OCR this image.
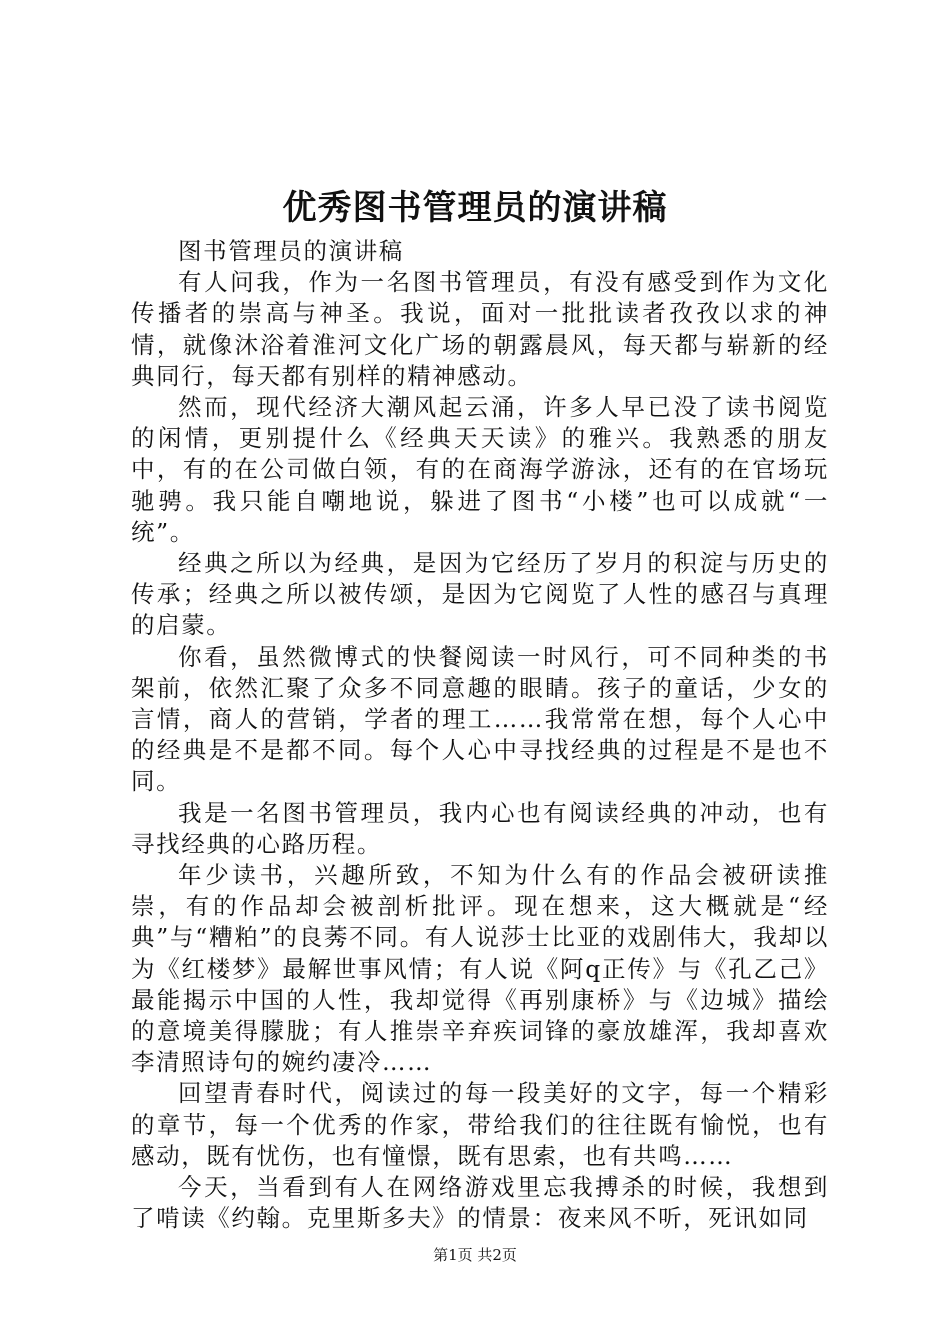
优秀图书管理员的演讲稿

图书管理员的演讲稿

有人问我，作为一名图书管理员，有没有感受到作为文化传播者的崇高与神圣。我说，面对一批批读者孜孜以求的神情，就像沐浴着淮河文化广场的朝露晨风，每天都与崭新的经典同行，每天都有别样的精神感动。

然而，现代经济大潮风起云涌，许多人早已没了读书阅览的闲情，更别提什么《经典天天读》的雅兴。我熟悉的朋友中，有的在公司做白领，有的在商海学游泳，还有的在官场玩驰骋。我只能自嘲地说，躲进了图书“小楼”也可以成就“一统”。

经典之所以为经典，是因为它经历了岁月的积淀与历史的传承；经典之所以被传颂，是因为它阅览了人性的感召与真理的启蒙。

你看，虽然微博式的快餐阅读一时风行，可不同种类的书架前，依然汇聚了众多不同意趣的眼睛。孩子的童话，少女的言情，商人的营销，学者的理工……我常常在想，每个人心中的经典是不是都不同。每个人心中寻找经典的过程是不是也不同。

我是一名图书管理员，我内心也有阅读经典的冲动，也有寻找经典的心路历程。

年少读书，兴趣所致，不知为什么有的作品会被研读推崇，有的作品却会被剖析批评。现在想来，这大概就是“经典”与“糟粕”的良莠不同。有人说莎士比亚的戏剧伟大，我却以为《红楼梦》最解世事风情；有人说《阿q正传》与《孔乙己》最能揭示中国的人性，我却觉得《再别康桥》与《边城》描绘的意境美得朦胧；有人推崇辛弃疾词锋的豪放雄浑，我却喜欢李清照诗句的婉约凄冷……

回望青春时代，阅读过的每一段美好的文字，每一个精彩的章节，每一个优秀的作家，带给我们的往往既有愉悦，也有感动，既有忧伤，也有憧憬，既有思索，也有共鸣……

今天，当看到有人在网络游戏里忘我搏杀的时候，我想到了啃读《约翰。克里斯多夫》的情景：夜来风不听，死讯如同

第1页 共2页
